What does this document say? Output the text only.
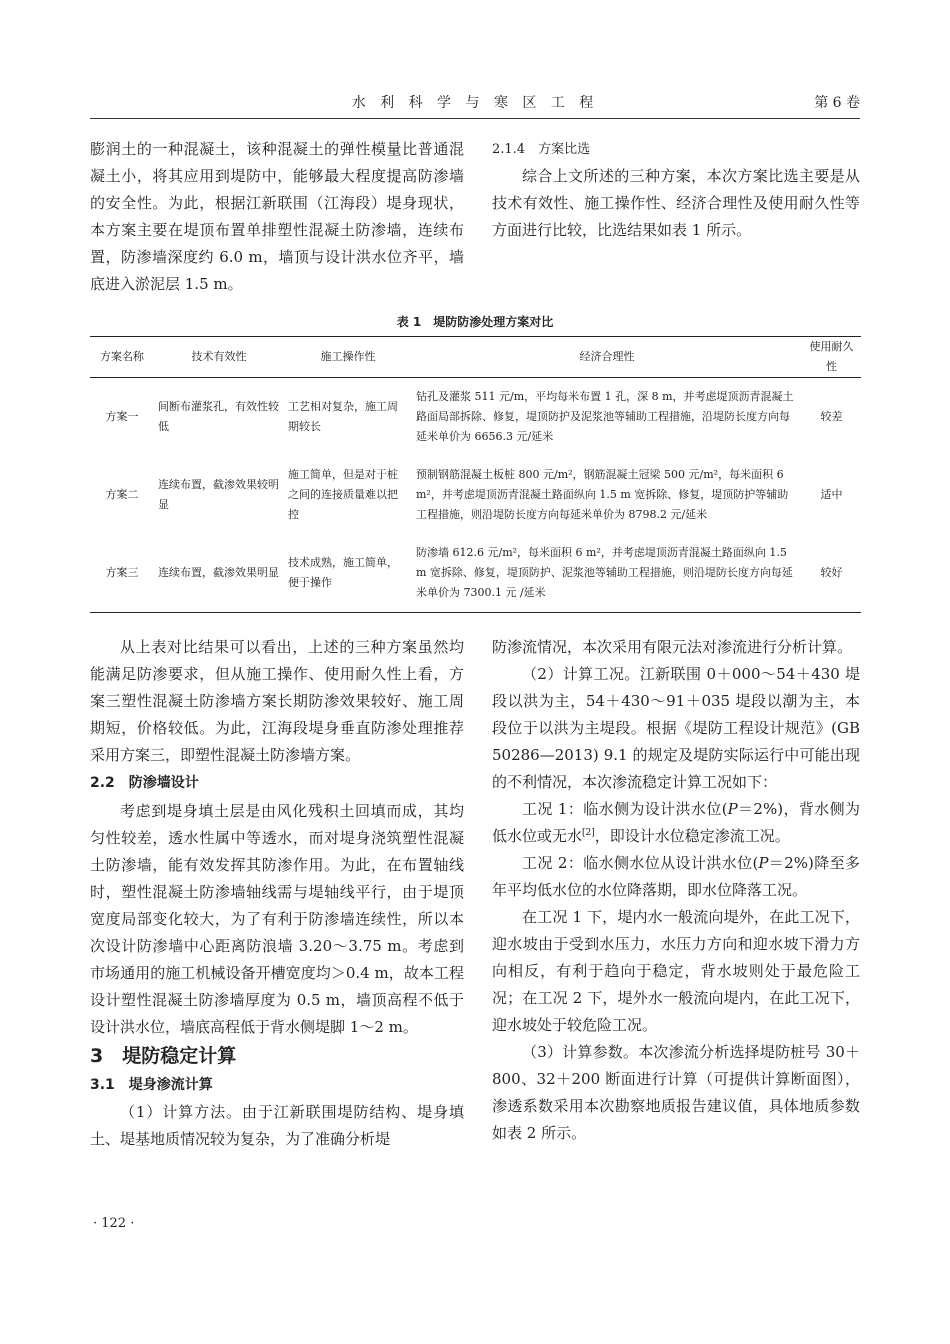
水 利 科 学 与 寒 区 工 程	第 6 卷

膨润土的一种混凝土，该种混凝土的弹性模量比普通混凝土小，将其应用到堤防中，能够最大程度提高防渗墙的安全性。为此，根据江新联围（江海段）堤身现状，本方案主要在堤顶布置单排塑性混凝土防渗墙，连续布置，防渗墙深度约 6.0 m，墙顶与设计洪水位齐平，墙底进入淤泥层 1.5 m。

2.1.4　方案比选

综合上文所述的三种方案，本次方案比选主要是从技术有效性、施工操作性、经济合理性及使用耐久性等方面进行比较，比选结果如表 1 所示。

表 1　堤防防渗处理方案对比
方案名称	技术有效性	施工操作性	经济合理性	使用耐久性
方案一	间断布灌浆孔，有效性较低	工艺相对复杂，施工周期较长	钻孔及灌浆 511 元/m，平均每米布置 1 孔，深 8 m，并考虑堤顶沥青混凝土路面局部拆除、修复，堤顶防护及泥浆池等辅助工程措施，沿堤防长度方向每延米单价为 6656.3 元/延米	较差
方案二	连续布置，截渗效果较明显	施工简单，但是对于桩之间的连接质量难以把控	预制钢筋混凝土板桩 800 元/m²，钢筋混凝土冠梁 500 元/m²，每米面积 6 m²，并考虑堤顶沥青混凝土路面纵向 1.5 m 宽拆除、修复，堤顶防护等辅助工程措施，则沿堤防长度方向每延米单价为 8798.2 元/延米	适中
方案三	连续布置，截渗效果明显	技术成熟，施工简单，便于操作	防渗墙 612.6 元/m²，每米面积 6 m²，并考虑堤顶沥青混凝土路面纵向 1.5 m 宽拆除、修复，堤顶防护、泥浆池等辅助工程措施，则沿堤防长度方向每延米单价为 7300.1 元 /延米	较好

从上表对比结果可以看出，上述的三种方案虽然均能满足防渗要求，但从施工操作、使用耐久性上看，方案三塑性混凝土防渗墙方案长期防渗效果较好、施工周期短，价格较低。为此，江海段堤身垂直防渗处理推荐采用方案三，即塑性混凝土防渗墙方案。

2.2　防渗墙设计

考虑到堤身填土层是由风化残积土回填而成，其均匀性较差，透水性属中等透水，而对堤身浇筑塑性混凝土防渗墙，能有效发挥其防渗作用。为此，在布置轴线时，塑性混凝土防渗墙轴线需与堤轴线平行，由于堤顶宽度局部变化较大，为了有利于防渗墙连续性，所以本次设计防渗墙中心距离防浪墙 3.20～3.75 m。考虑到市场通用的施工机械设备开槽宽度均＞0.4 m，故本工程设计塑性混凝土防渗墙厚度为 0.5 m，墙顶高程不低于设计洪水位，墙底高程低于背水侧堤脚 1～2 m。

3　堤防稳定计算

3.1　堤身渗流计算

（1）计算方法。由于江新联围堤防结构、堤身填土、堤基地质情况较为复杂，为了准确分析堤

防渗流情况，本次采用有限元法对渗流进行分析计算。

（2）计算工况。江新联围 0＋000～54＋430 堤段以洪为主，54＋430～91＋035 堤段以潮为主，本段位于以洪为主堤段。根据《堤防工程设计规范》(GB 50286—2013) 9.1 的规定及堤防实际运行中可能出现的不利情况，本次渗流稳定计算工况如下：

工况 1：临水侧为设计洪水位(P＝2%)，背水侧为低水位或无水[2]，即设计水位稳定渗流工况。

工况 2：临水侧水位从设计洪水位(P＝2%)降至多年平均低水位的水位降落期，即水位降落工况。

在工况 1 下，堤内水一般流向堤外，在此工况下，迎水坡由于受到水压力，水压力方向和迎水坡下滑力方向相反，有利于趋向于稳定，背水坡则处于最危险工况；在工况 2 下，堤外水一般流向堤内，在此工况下，迎水坡处于较危险工况。

（3）计算参数。本次渗流分析选择堤防桩号 30＋800、32＋200 断面进行计算（可提供计算断面图），渗透系数采用本次勘察地质报告建议值，具体地质参数如表 2 所示。

· 122 ·
